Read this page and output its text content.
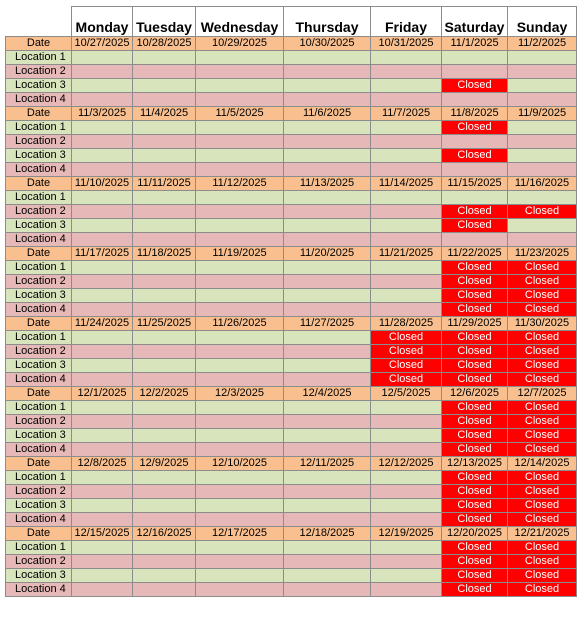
	Monday	Tuesday	Wednesday	Thursday	Friday	Saturday	Sunday
Date	10/27/2025	10/28/2025	10/29/2025	10/30/2025	10/31/2025	11/1/2025	11/2/2025
Location 1							
Location 2							
Location 3						Closed	
Location 4							
Date	11/3/2025	11/4/2025	11/5/2025	11/6/2025	11/7/2025	11/8/2025	11/9/2025
Location 1						Closed	
Location 2							
Location 3						Closed	
Location 4							
Date	11/10/2025	11/11/2025	11/12/2025	11/13/2025	11/14/2025	11/15/2025	11/16/2025
Location 1							
Location 2						Closed	Closed
Location 3						Closed	
Location 4							
Date	11/17/2025	11/18/2025	11/19/2025	11/20/2025	11/21/2025	11/22/2025	11/23/2025
Location 1						Closed	Closed
Location 2						Closed	Closed
Location 3						Closed	Closed
Location 4						Closed	Closed
Date	11/24/2025	11/25/2025	11/26/2025	11/27/2025	11/28/2025	11/29/2025	11/30/2025
Location 1					Closed	Closed	Closed
Location 2					Closed	Closed	Closed
Location 3					Closed	Closed	Closed
Location 4					Closed	Closed	Closed
Date	12/1/2025	12/2/2025	12/3/2025	12/4/2025	12/5/2025	12/6/2025	12/7/2025
Location 1						Closed	Closed
Location 2						Closed	Closed
Location 3						Closed	Closed
Location 4						Closed	Closed
Date	12/8/2025	12/9/2025	12/10/2025	12/11/2025	12/12/2025	12/13/2025	12/14/2025
Location 1						Closed	Closed
Location 2						Closed	Closed
Location 3						Closed	Closed
Location 4						Closed	Closed
Date	12/15/2025	12/16/2025	12/17/2025	12/18/2025	12/19/2025	12/20/2025	12/21/2025
Location 1						Closed	Closed
Location 2						Closed	Closed
Location 3						Closed	Closed
Location 4						Closed	Closed
